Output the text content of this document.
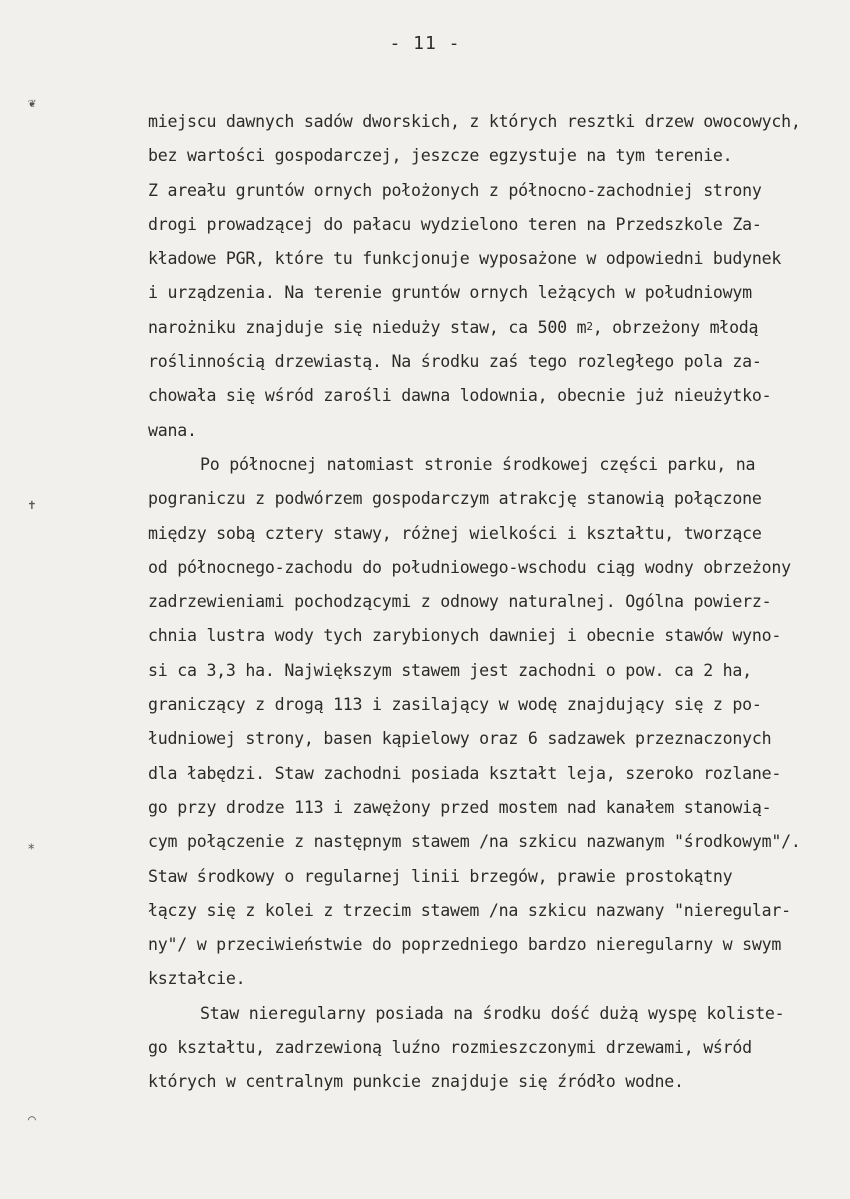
- 11 -
❦
✝
⁎
⌒
miejscu dawnych sadów dworskich, z których resztki drzew owocowych,
bez wartości gospodarczej, jeszcze egzystuje na tym terenie.
Z areału gruntów ornych położonych z północno-zachodniej strony
drogi prowadzącej do pałacu wydzielono teren na Przedszkole Za-
kładowe PGR, które tu funkcjonuje wyposażone w odpowiedni budynek
i urządzenia. Na terenie gruntów ornych leżących w południowym
narożniku znajduje się nieduży staw, ca 500 $m^2$, obrzeżony młodą
roślinnością drzewiastą. Na środku zaś tego rozległego pola za-
chowała się wśród zarośli dawna lodownia, obecnie już nieużytko-
wana.
Po północnej natomiast stronie środkowej części parku, na
pograniczu z podwórzem gospodarczym atrakcję stanowią połączone
między sobą cztery stawy, różnej wielkości i kształtu, tworzące
od północnego-zachodu do południowego-wschodu ciąg wodny obrzeżony
zadrzewieniami pochodzącymi z odnowy naturalnej. Ogólna powierz-
chnia lustra wody tych zarybionych dawniej i obecnie stawów wyno-
si ca 3,3 ha. Największym stawem jest zachodni o pow. ca 2 ha,
graniczący z drogą 113 i zasilający w wodę znajdujący się z po-
łudniowej strony, basen kąpielowy oraz 6 sadzawek przeznaczonych
dla łabędzi. Staw zachodni posiada kształt leja, szeroko rozlane-
go przy drodze 113 i zawężony przed mostem nad kanałem stanowią-
cym połączenie z następnym stawem /na szkicu nazwanym "środkowym"/.
Staw środkowy o regularnej linii brzegów, prawie prostokątny
łączy się z kolei z trzecim stawem /na szkicu nazwany "nieregular-
ny"/ w przeciwieństwie do poprzedniego bardzo nieregularny w swym
kształcie.
Staw nieregularny posiada na środku dość dużą wyspę koliste-
go kształtu, zadrzewioną luźno rozmieszczonymi drzewami, wśród
których w centralnym punkcie znajduje się źródło wodne.
